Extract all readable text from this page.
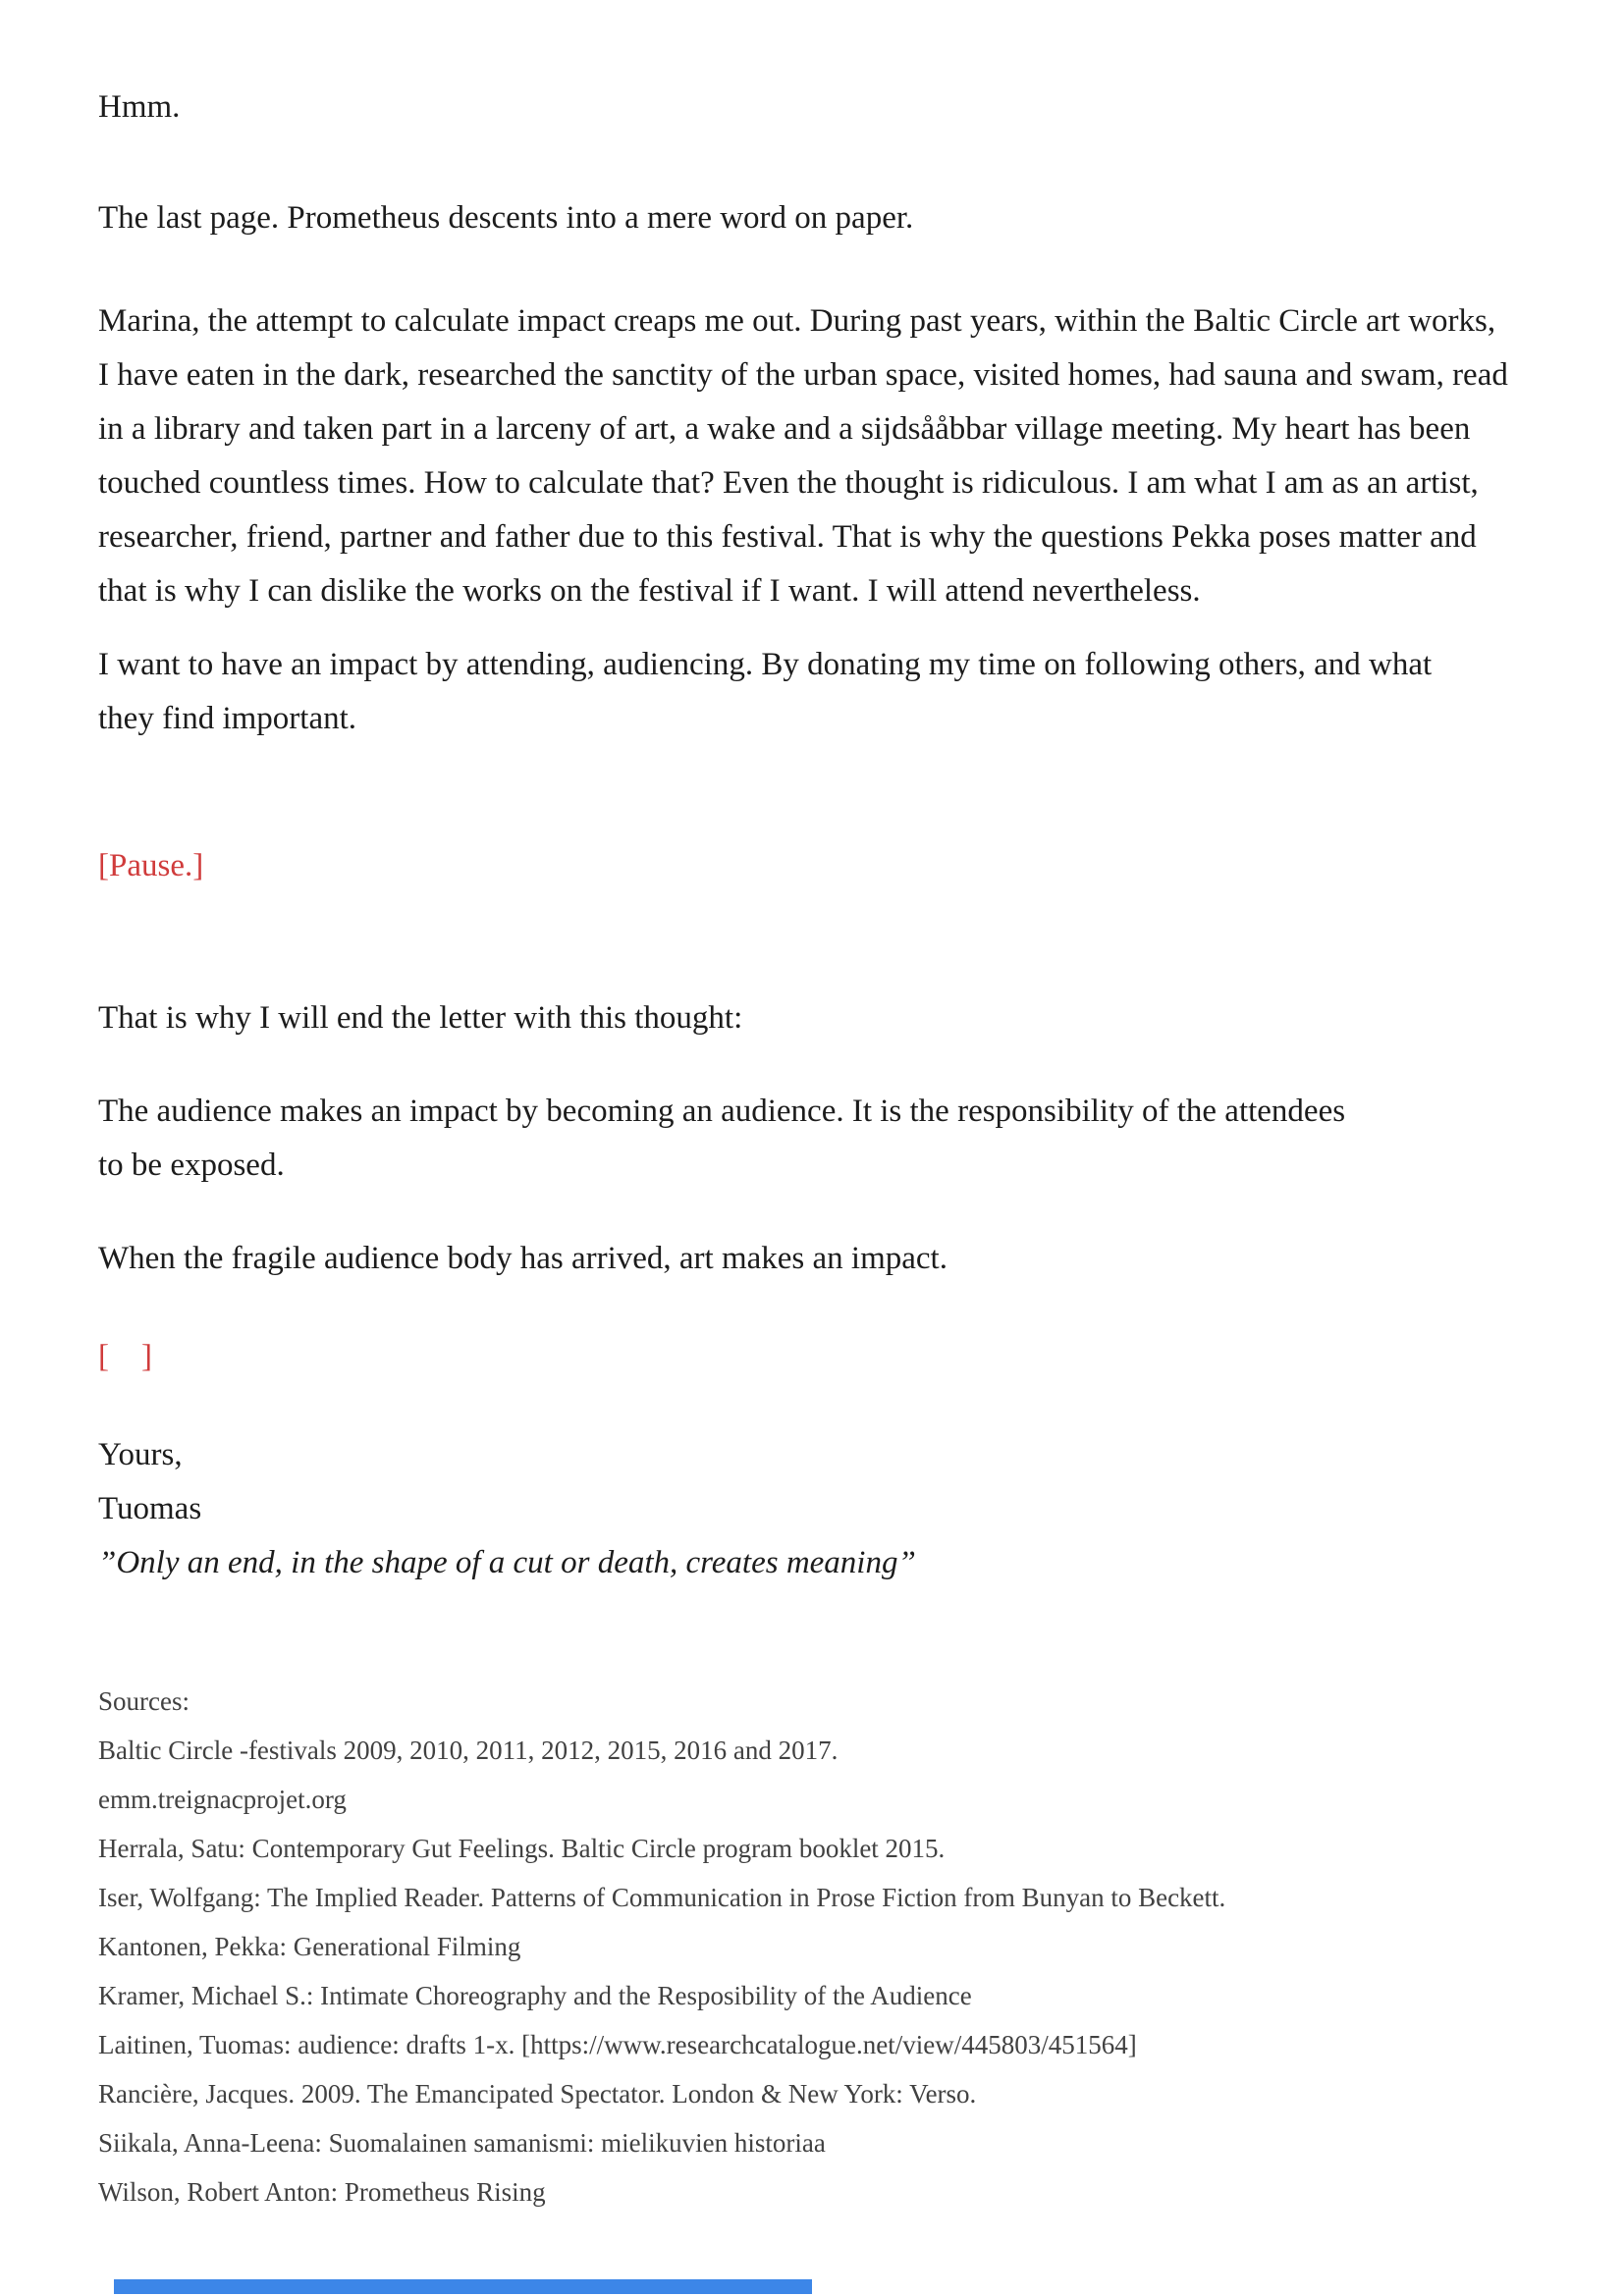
Hmm.
The last page. Prometheus descents into a mere word on paper.
Marina, the attempt to calculate impact creaps me out. During past years, within the Baltic Circle art works,
I have eaten in the dark, researched the sanctity of the urban space, visited homes, had sauna and swam, read
in a library and taken part in a larceny of art, a wake and a sijdsååbbar village meeting. My heart has been
touched countless times. How to calculate that? Even the thought is ridiculous. I am what I am as an artist,
researcher, friend, partner and father due to this festival. That is why the questions Pekka poses matter and
that is why I can dislike the works on the festival if I want. I will attend nevertheless.
I want to have an impact by attending, audiencing. By donating my time on following others, and what
they find important.
[Pause.]
That is why I will end the letter with this thought:
The audience makes an impact by becoming an audience. It is the responsibility of the attendees
to be exposed.
When the fragile audience body has arrived, art makes an impact.
[    ]
Yours,
Tuomas
”Only an end, in the shape of a cut or death, creates meaning”
Sources:
Baltic Circle -festivals 2009, 2010, 2011, 2012, 2015, 2016 and 2017.
emm.treignacprojet.org
Herrala, Satu: Contemporary Gut Feelings. Baltic Circle program booklet 2015.
Iser, Wolfgang: The Implied Reader. Patterns of Communication in Prose Fiction from Bunyan to Beckett.
Kantonen, Pekka: Generational Filming
Kramer, Michael S.: Intimate Choreography and the Resposibility of the Audience
Laitinen, Tuomas: audience: drafts 1-x. [https://www.researchcatalogue.net/view/445803/451564]
Rancière, Jacques. 2009. The Emancipated Spectator. London & New York: Verso.
Siikala, Anna-Leena: Suomalainen samanismi: mielikuvien historiaa
Wilson, Robert Anton: Prometheus Rising
